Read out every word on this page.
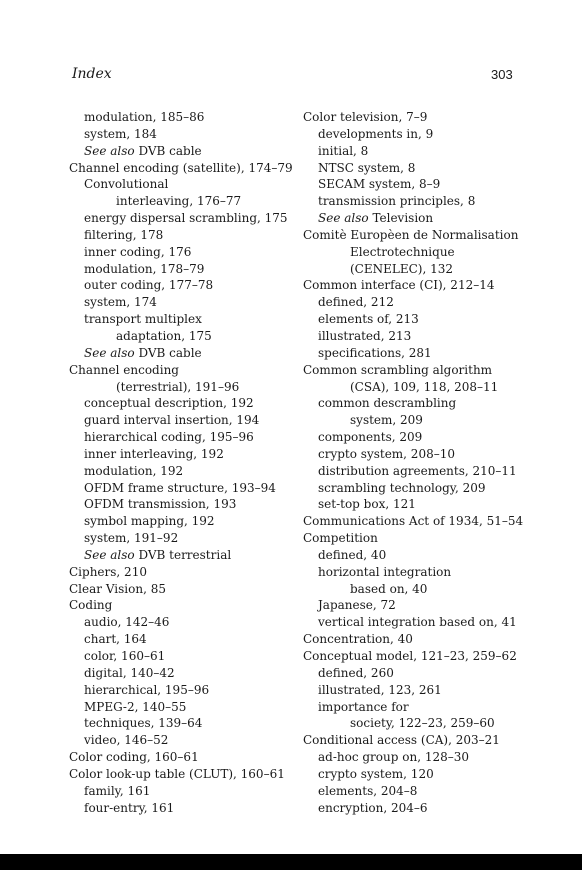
Index	303
modulation, 185–86
system, 184
See also DVB cable
Channel encoding (satellite), 174–79
Convolutional
interleaving, 176–77
energy dispersal scrambling, 175
filtering, 178
inner coding, 176
modulation, 178–79
outer coding, 177–78
system, 174
transport multiplex
adaptation, 175
See also DVB cable
Channel encoding
(terrestrial), 191–96
conceptual description, 192
guard interval insertion, 194
hierarchical coding, 195–96
inner interleaving, 192
modulation, 192
OFDM frame structure, 193–94
OFDM transmission, 193
symbol mapping, 192
system, 191–92
See also DVB terrestrial
Ciphers, 210
Clear Vision, 85
Coding
audio, 142–46
chart, 164
color, 160–61
digital, 140–42
hierarchical, 195–96
MPEG-2, 140–55
techniques, 139–64
video, 146–52
Color coding, 160–61
Color look-up table (CLUT), 160–61
family, 161
four-entry, 161
Color television, 7–9
developments in, 9
initial, 8
NTSC system, 8
SECAM system, 8–9
transmission principles, 8
See also Television
Comitè Europèen de Normalisation
Electrotechnique
(CENELEC), 132
Common interface (CI), 212–14
defined, 212
elements of, 213
illustrated, 213
specifications, 281
Common scrambling algorithm
(CSA), 109, 118, 208–11
common descrambling
system, 209
components, 209
crypto system, 208–10
distribution agreements, 210–11
scrambling technology, 209
set-top box, 121
Communications Act of 1934, 51–54
Competition
defined, 40
horizontal integration
based on, 40
Japanese, 72
vertical integration based on, 41
Concentration, 40
Conceptual model, 121–23, 259–62
defined, 260
illustrated, 123, 261
importance for
society, 122–23, 259–60
Conditional access (CA), 203–21
ad-hoc group on, 128–30
crypto system, 120
elements, 204–8
encryption, 204–6
